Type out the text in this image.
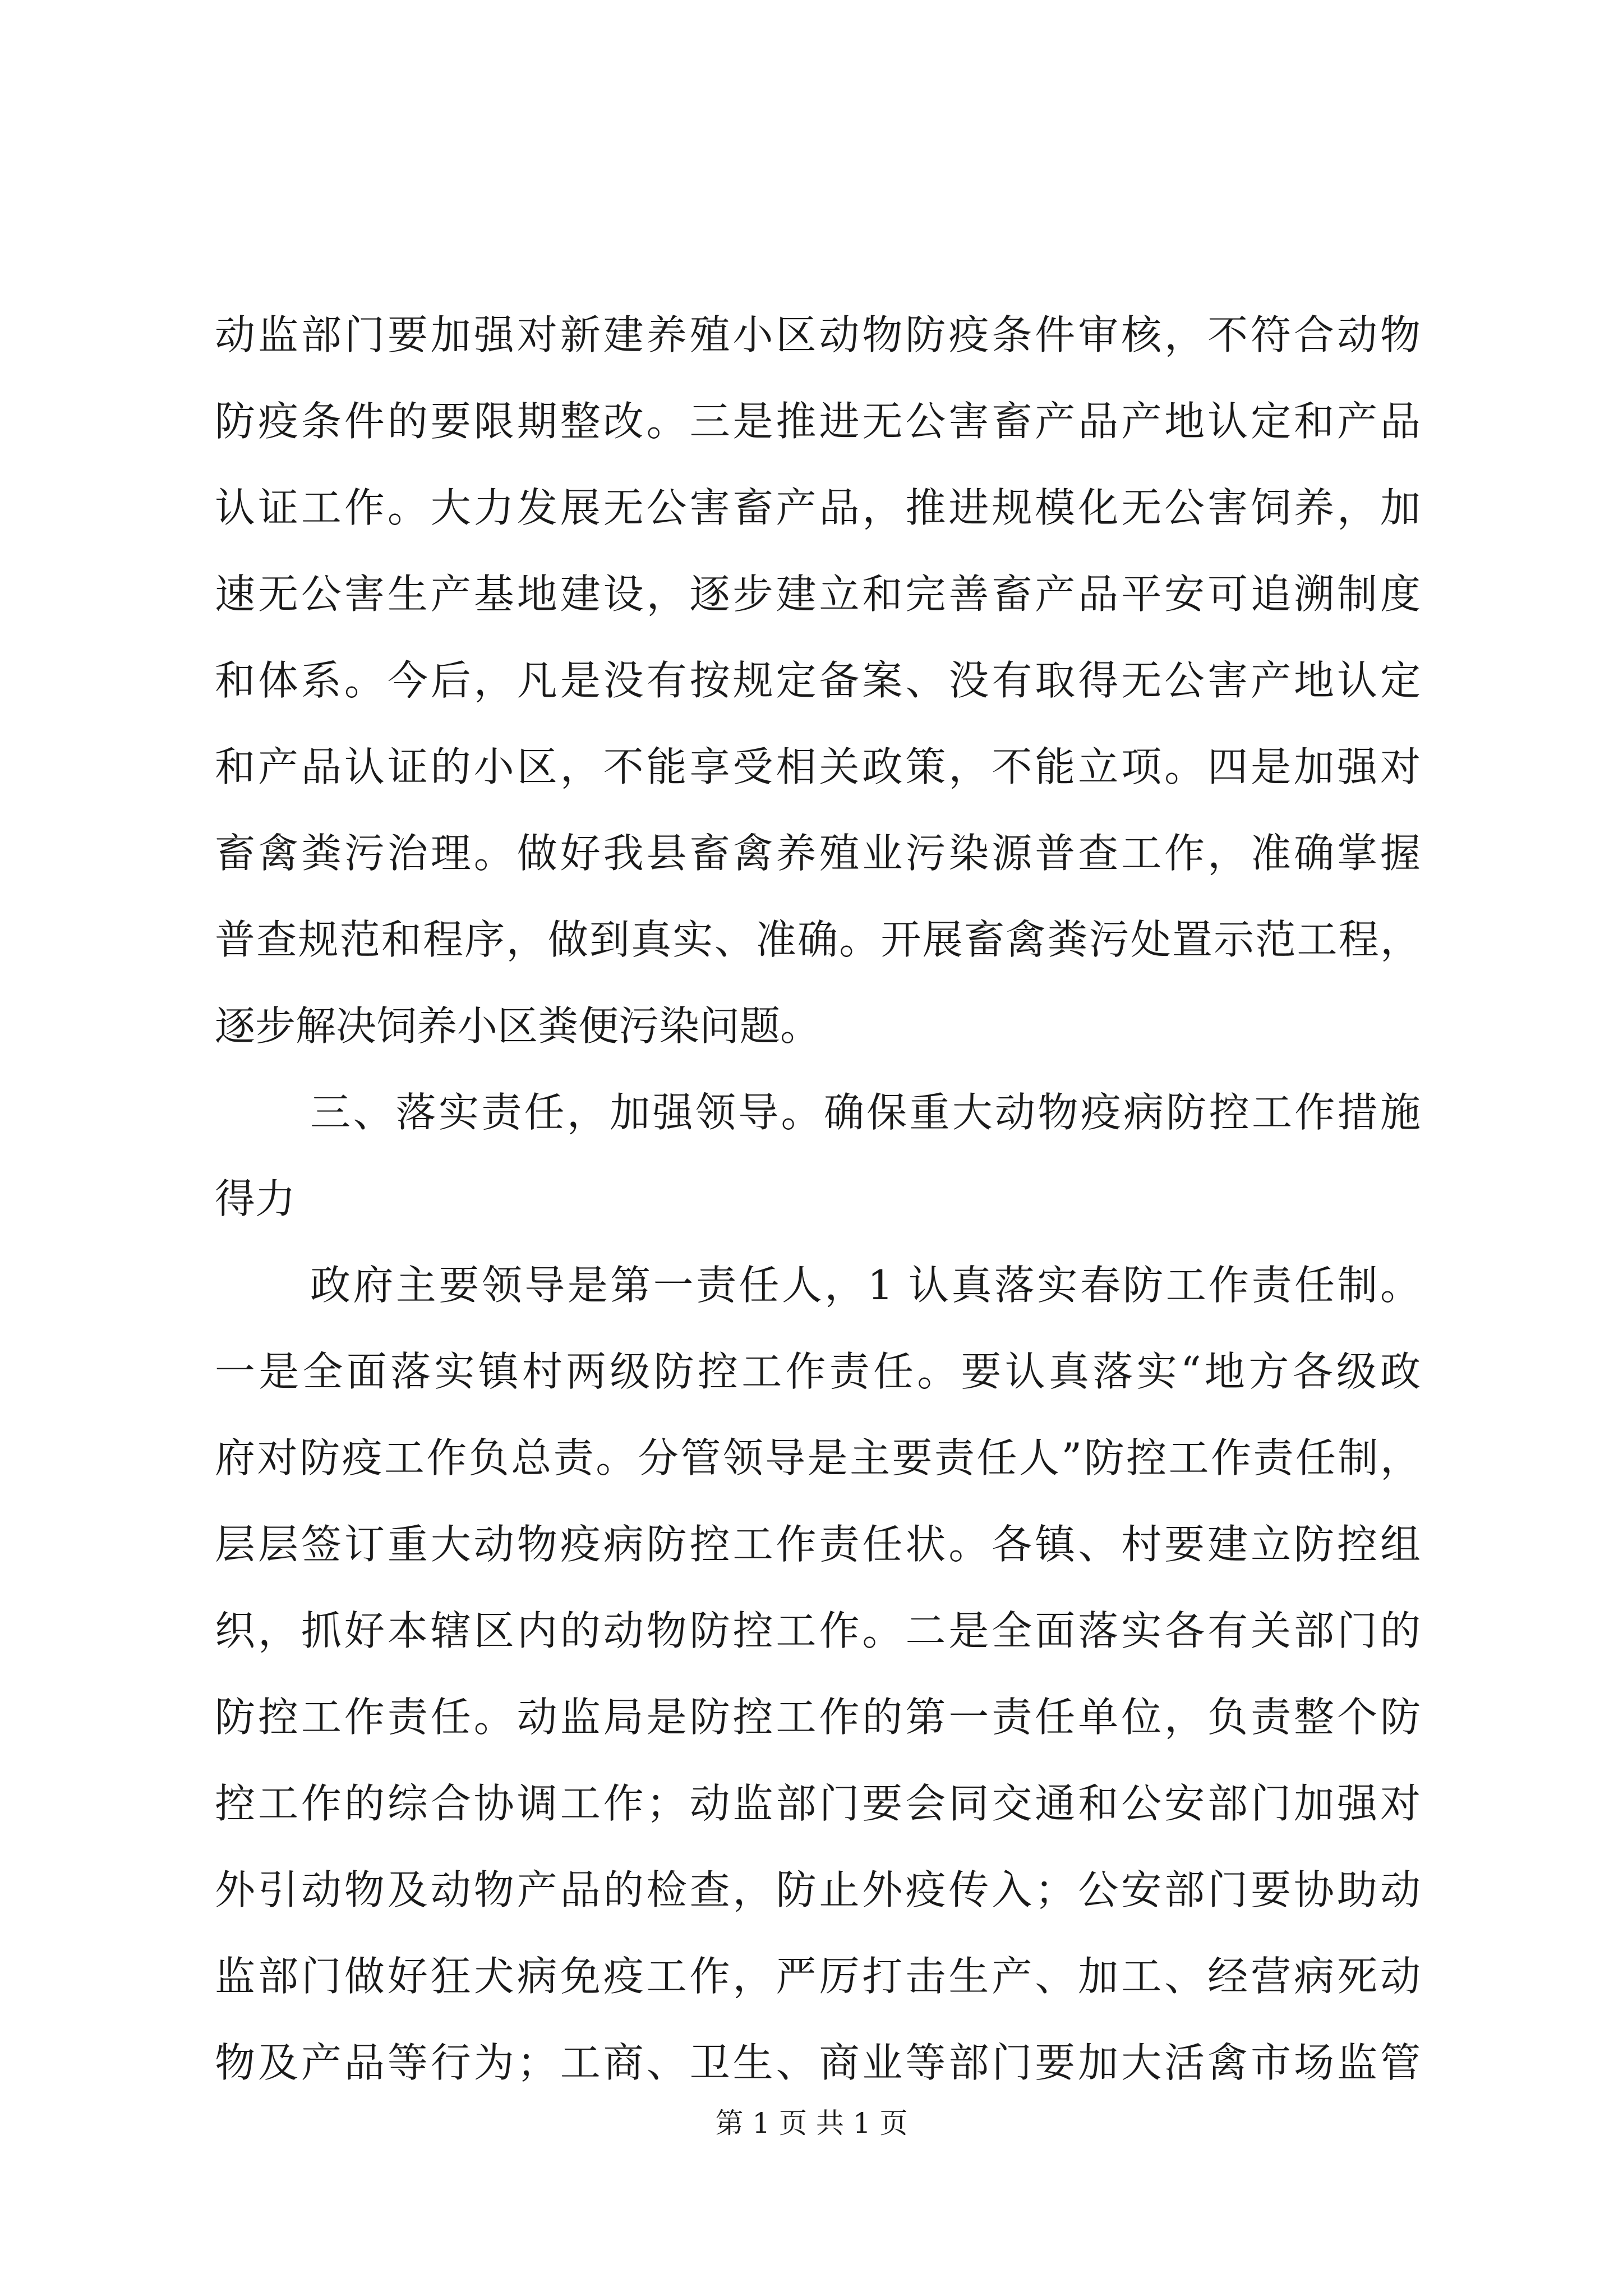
动监部门要加强对新建养殖小区动物防疫条件审核，不符合动物
防疫条件的要限期整改。三是推进无公害畜产品产地认定和产品
认证工作。大力发展无公害畜产品，推进规模化无公害饲养，加
速无公害生产基地建设，逐步建立和完善畜产品平安可追溯制度
和体系。今后，凡是没有按规定备案、没有取得无公害产地认定
和产品认证的小区，不能享受相关政策，不能立项。四是加强对
畜禽粪污治理。做好我县畜禽养殖业污染源普查工作，准确掌握
普查规范和程序，做到真实、准确。开展畜禽粪污处置示范工程，
逐步解决饲养小区粪便污染问题。
三、落实责任，加强领导。确保重大动物疫病防控工作措施
得力
政府主要领导是第一责任人，1 认真落实春防工作责任制。
一是全面落实镇村两级防控工作责任。要认真落实“地方各级政
府对防疫工作负总责。分管领导是主要责任人”防控工作责任制，
层层签订重大动物疫病防控工作责任状。各镇、村要建立防控组
织，抓好本辖区内的动物防控工作。二是全面落实各有关部门的
防控工作责任。动监局是防控工作的第一责任单位，负责整个防
控工作的综合协调工作；动监部门要会同交通和公安部门加强对
外引动物及动物产品的检查，防止外疫传入；公安部门要协助动
监部门做好狂犬病免疫工作，严厉打击生产、加工、经营病死动
物及产品等行为；工商、卫生、商业等部门要加大活禽市场监管
第 1 页 共 1 页
